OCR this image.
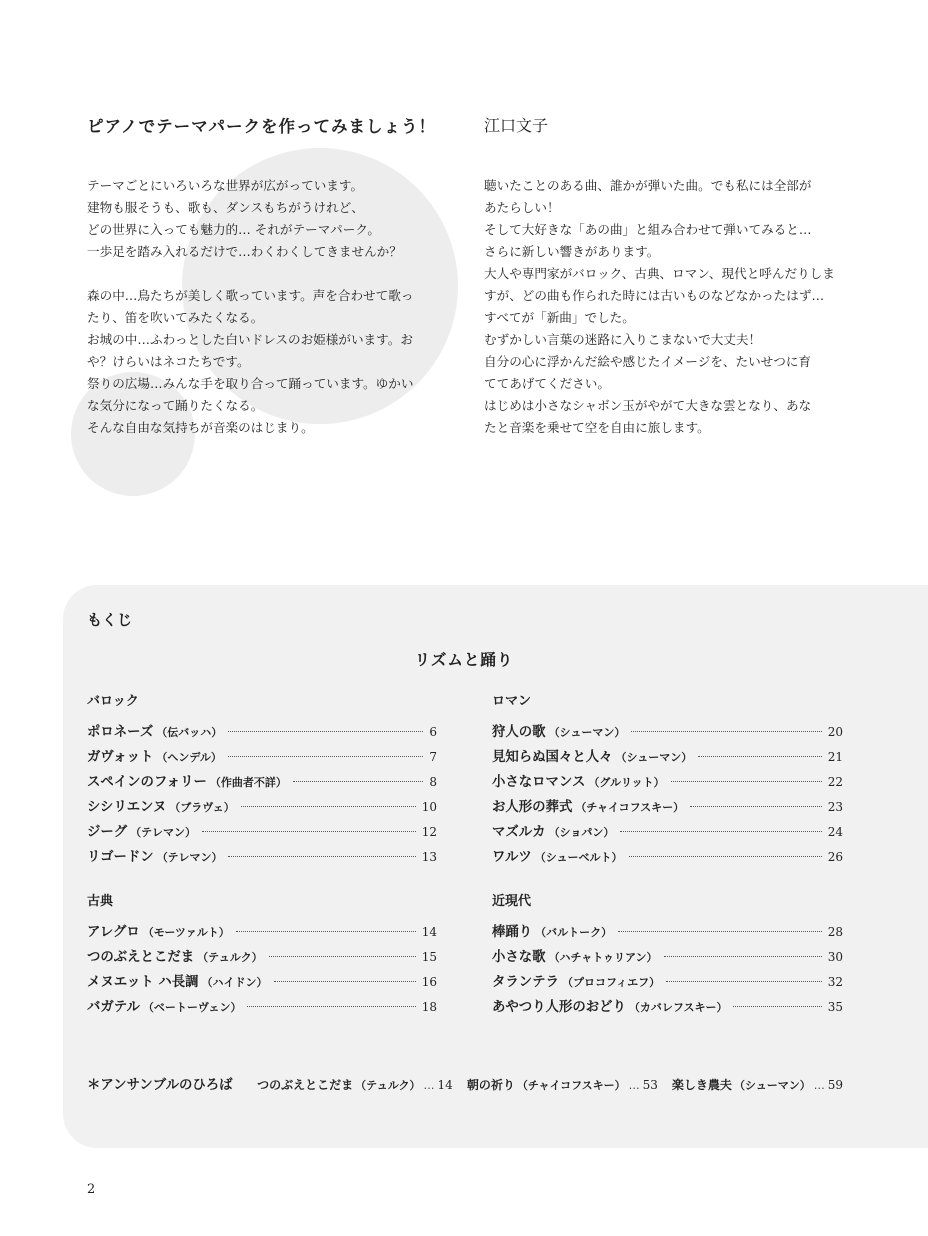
ピアノでテーマパークを作ってみましょう！	江口文子

テーマごとにいろいろな世界が広がっています。

建物も服そうも、歌も、ダンスもちがうけれど、

どの世界に入っても魅力的… それがテーマパーク。

一歩足を踏み入れるだけで…わくわくしてきませんか？

森の中…鳥たちが美しく歌っています。声を合わせて歌っ

たり、笛を吹いてみたくなる。

お城の中…ふわっとした白いドレスのお姫様がいます。お

や？けらいはネコたちです。

祭りの広場…みんな手を取り合って踊っています。ゆかい

な気分になって踊りたくなる。

そんな自由な気持ちが音楽のはじまり。

聴いたことのある曲、誰かが弾いた曲。でも私には全部が

あたらしい！

そして大好きな「あの曲」と組み合わせて弾いてみると…

さらに新しい響きがあります。

大人や専門家がバロック、古典、ロマン、現代と呼んだりしま

すが、どの曲も作られた時には古いものなどなかったはず…

すべてが「新曲」でした。

むずかしい言葉の迷路に入りこまないで大丈夫！

自分の心に浮かんだ絵や感じたイメージを、たいせつに育

ててあげてください。

はじめは小さなシャボン玉がやがて大きな雲となり、あな

たと音楽を乗せて空を自由に旅します。

もくじ
リズムと踊り
バロック
ポロネーズ （伝バッハ）	6
ガヴォット （ヘンデル）	7
スペインのフォリー （作曲者不詳）	8
シシリエンヌ （ブラヴェ）	10
ジーグ （テレマン）	12
リゴードン （テレマン）	13
古典
アレグロ （モーツァルト）	14
つのぶえとこだま （テュルク）	15
メヌエット ハ長調 （ハイドン）	16
バガテル （ベートーヴェン）	18
ロマン
狩人の歌 （シューマン）	20
見知らぬ国々と人々 （シューマン）	21
小さなロマンス （グルリット）	22
お人形の葬式 （チャイコフスキー）	23
マズルカ （ショパン）	24
ワルツ （シューベルト）	26
近現代
棒踊り （バルトーク）	28
小さな歌 （ハチャトゥリアン）	30
タランテラ （プロコフィエフ）	32
あやつり人形のおどり （カバレフスキー）	35
＊アンサンブルのひろば つのぶえとこだま （テュルク） … 14 朝の祈り （チャイコフスキー） … 53 楽しき農夫 （シューマン） … 59
2
